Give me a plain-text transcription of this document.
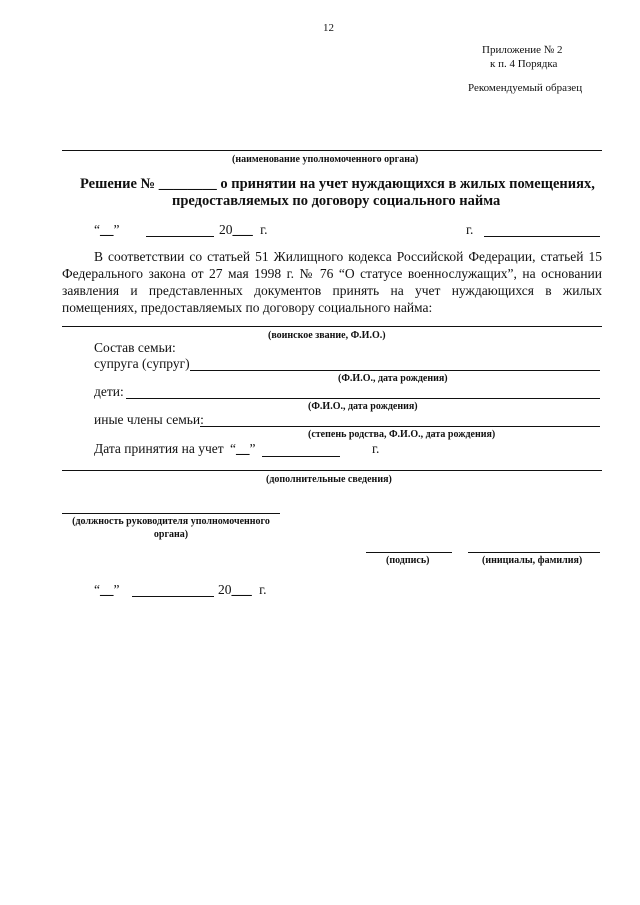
12
Приложение № 2
к п. 4 Порядка
Рекомендуемый образец
(наименование уполномоченного органа)
Решение № ________ о принятии на учет нуждающихся в жилых помещениях,
предоставляемых по договору социального найма
“__”	20___ г.	г.
В соответствии со статьей 51 Жилищного кодекса Российской Федерации, статьей 15 Федерального закона от 27 мая 1998 г. № 76 “О статусе военнослужащих”, на основании заявления и представленных документов принять на учет нуждающихся в жилых помещениях, предоставляемых по договору социального найма:
(воинское звание, Ф.И.О.)
Состав семьи:
супруга (супруг)
(Ф.И.О., дата рождения)
дети:
(Ф.И.О., дата рождения)
иные члены семьи:
(степень родства, Ф.И.О., дата рождения)
Дата принятия на учет “__”	г.
(дополнительные сведения)
(должность руководителя уполномоченного
органа)
(подпись)	(инициалы, фамилия)
“__”	20___ г.
